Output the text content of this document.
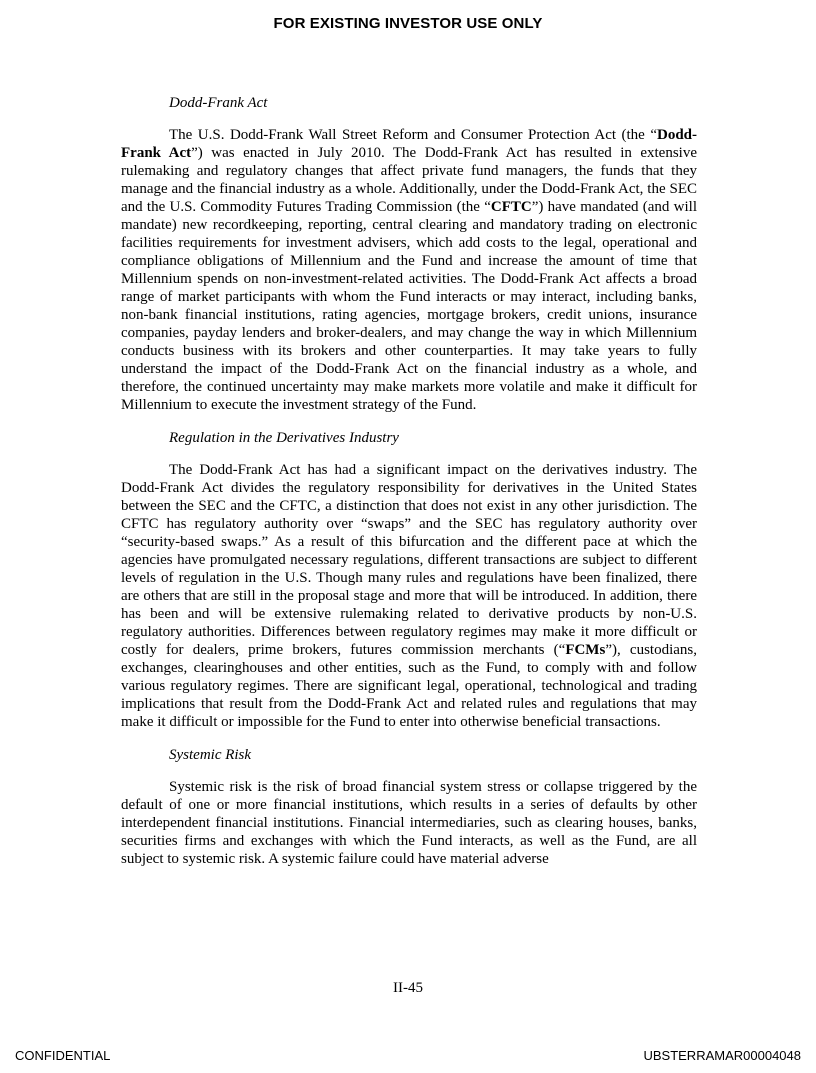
FOR EXISTING INVESTOR USE ONLY
Dodd-Frank Act

The U.S. Dodd-Frank Wall Street Reform and Consumer Protection Act (the “Dodd-Frank Act”) was enacted in July 2010. The Dodd-Frank Act has resulted in extensive rulemaking and regulatory changes that affect private fund managers, the funds that they manage and the financial industry as a whole. Additionally, under the Dodd-Frank Act, the SEC and the U.S. Commodity Futures Trading Commission (the “CFTC”) have mandated (and will mandate) new recordkeeping, reporting, central clearing and mandatory trading on electronic facilities requirements for investment advisers, which add costs to the legal, operational and compliance obligations of Millennium and the Fund and increase the amount of time that Millennium spends on non-investment-related activities. The Dodd-Frank Act affects a broad range of market participants with whom the Fund interacts or may interact, including banks, non-bank financial institutions, rating agencies, mortgage brokers, credit unions, insurance companies, payday lenders and broker-dealers, and may change the way in which Millennium conducts business with its brokers and other counterparties. It may take years to fully understand the impact of the Dodd-Frank Act on the financial industry as a whole, and therefore, the continued uncertainty may make markets more volatile and make it difficult for Millennium to execute the investment strategy of the Fund.

Regulation in the Derivatives Industry

The Dodd-Frank Act has had a significant impact on the derivatives industry. The Dodd-Frank Act divides the regulatory responsibility for derivatives in the United States between the SEC and the CFTC, a distinction that does not exist in any other jurisdiction. The CFTC has regulatory authority over “swaps” and the SEC has regulatory authority over “security-based swaps.” As a result of this bifurcation and the different pace at which the agencies have promulgated necessary regulations, different transactions are subject to different levels of regulation in the U.S. Though many rules and regulations have been finalized, there are others that are still in the proposal stage and more that will be introduced. In addition, there has been and will be extensive rulemaking related to derivative products by non-U.S. regulatory authorities. Differences between regulatory regimes may make it more difficult or costly for dealers, prime brokers, futures commission merchants (“FCMs”), custodians, exchanges, clearinghouses and other entities, such as the Fund, to comply with and follow various regulatory regimes. There are significant legal, operational, technological and trading implications that result from the Dodd-Frank Act and related rules and regulations that may make it difficult or impossible for the Fund to enter into otherwise beneficial transactions.

Systemic Risk

Systemic risk is the risk of broad financial system stress or collapse triggered by the default of one or more financial institutions, which results in a series of defaults by other interdependent financial institutions. Financial intermediaries, such as clearing houses, banks, securities firms and exchanges with which the Fund interacts, as well as the Fund, are all subject to systemic risk. A systemic failure could have material adverse

II-45
CONFIDENTIAL	UBSTERRAMAR00004048
